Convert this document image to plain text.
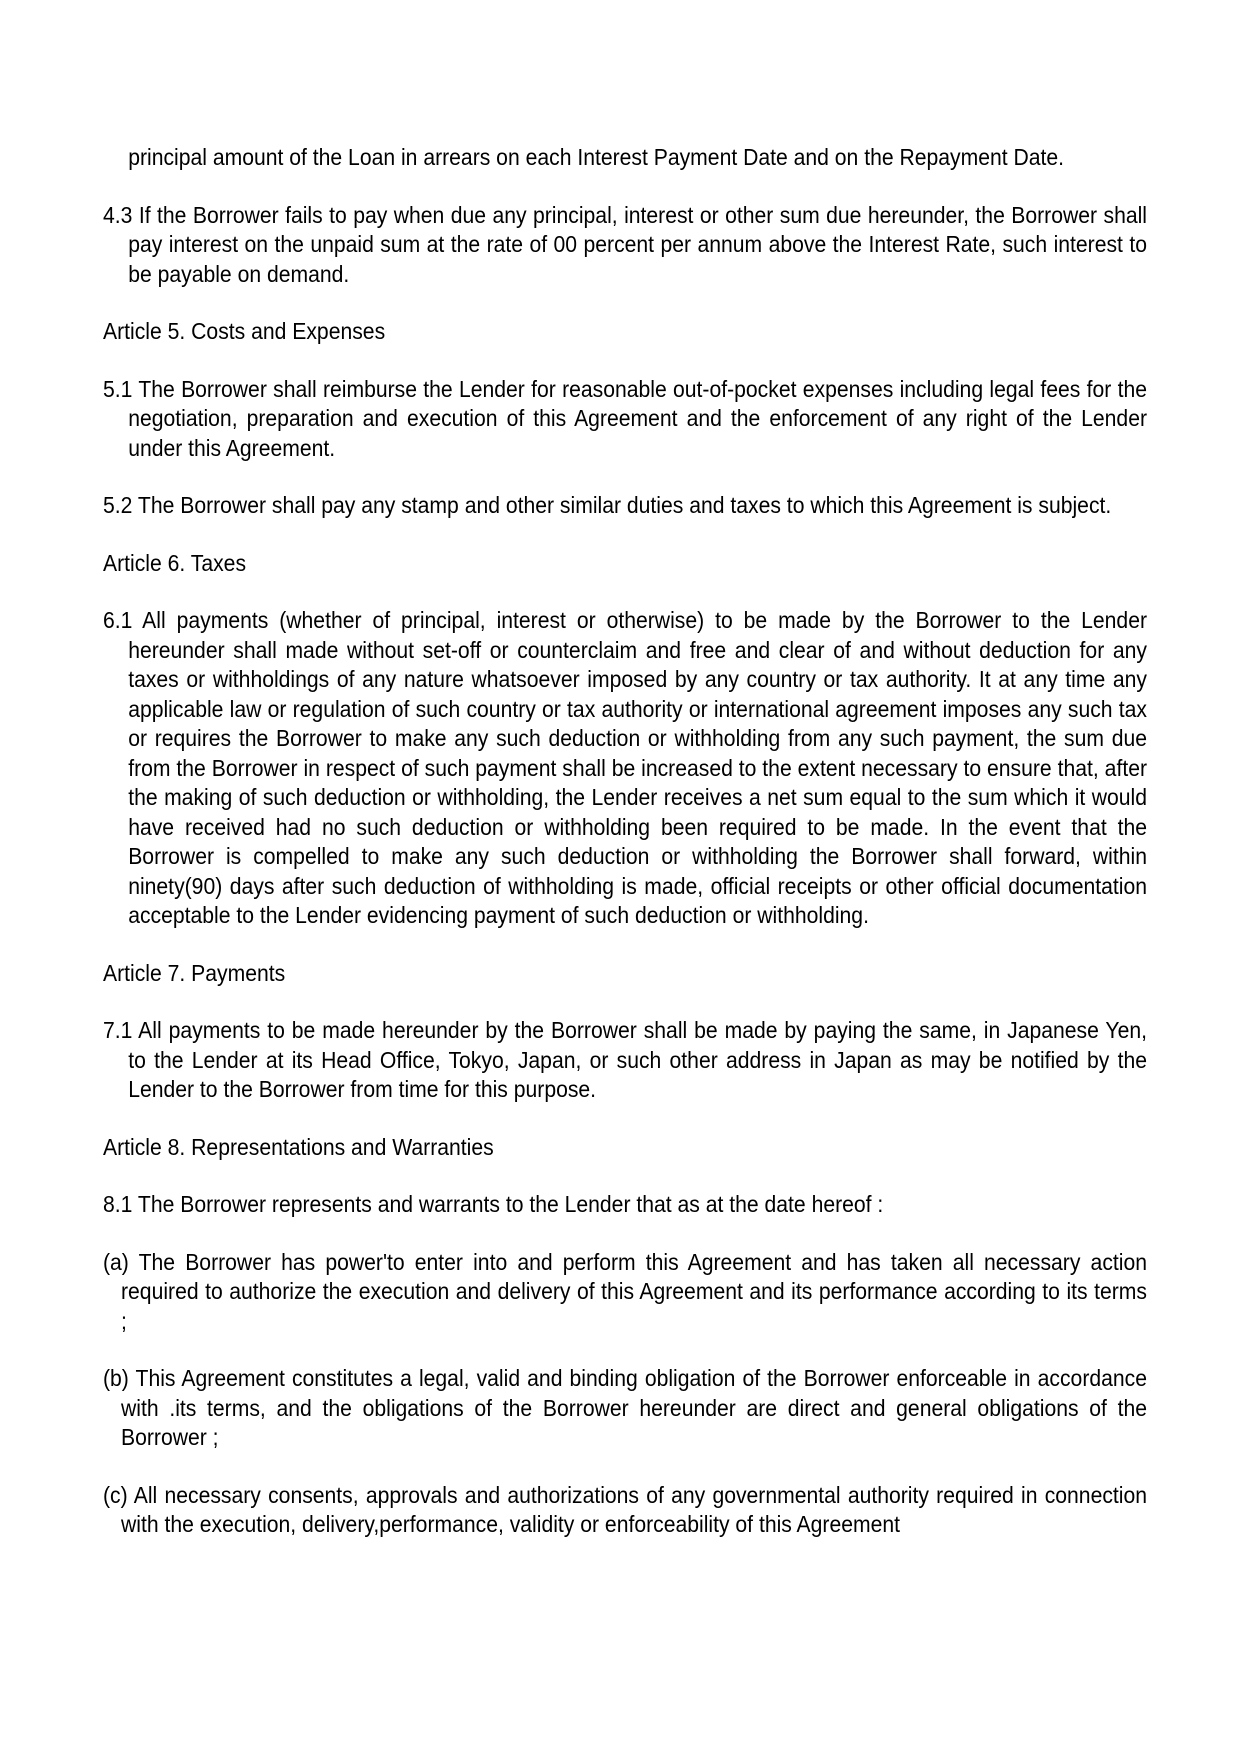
principal amount of the Loan in arrears on each Interest Payment Date and on the Repayment Date.

4.3 If the Borrower fails to pay when due any principal, interest or other sum due hereunder, the Borrower shall pay interest on the unpaid sum at the rate of 00 percent per annum above the Interest Rate, such interest to be payable on demand.

Article 5. Costs and Expenses

5.1 The Borrower shall reimburse the Lender for reasonable out-of-pocket expenses including legal fees for the negotiation, preparation and execution of this Agreement and the enforcement of any right of the Lender under this Agreement.

5.2 The Borrower shall pay any stamp and other similar duties and taxes to which this Agreement is subject.

Article 6. Taxes

6.1 All payments (whether of principal, interest or otherwise) to be made by the Borrower to the Lender hereunder shall made without set-off or counterclaim and free and clear of and without deduction for any taxes or withholdings of any nature whatsoever imposed by any country or tax authority. It at any time any applicable law or regulation of such country or tax authority or international agreement imposes any such tax or requires the Borrower to make any such deduction or withholding from any such payment, the sum due from the Borrower in respect of such payment shall be increased to the extent necessary to ensure that, after the making of such deduction or withholding, the Lender receives a net sum equal to the sum which it would have received had no such deduction or withholding been required to be made. In the event that the Borrower is compelled to make any such deduction or withholding the Borrower shall forward, within ninety(90) days after such deduction of withholding is made, official receipts or other official documentation acceptable to the Lender evidencing payment of such deduction or withholding.

Article 7. Payments

7.1 All payments to be made hereunder by the Borrower shall be made by paying the same, in Japanese Yen, to the Lender at its Head Office, Tokyo, Japan, or such other address in Japan as may be notified by the Lender to the Borrower from time for this purpose.

Article 8. Representations and Warranties

8.1 The Borrower represents and warrants to the Lender that as at the date hereof :

(a) The Borrower has power'to enter into and perform this Agreement and has taken all necessary action required to authorize the execution and delivery of this Agreement and its performance according to its terms ;

(b) This Agreement constitutes a legal, valid and binding obligation of the Borrower enforceable in accordance with .its terms, and the obligations of the Borrower hereunder are direct and general obligations of the Borrower ;

(c) All necessary consents, approvals and authorizations of any governmental authority required in connection with the execution, delivery,performance, validity or enforceability of this Agreement
